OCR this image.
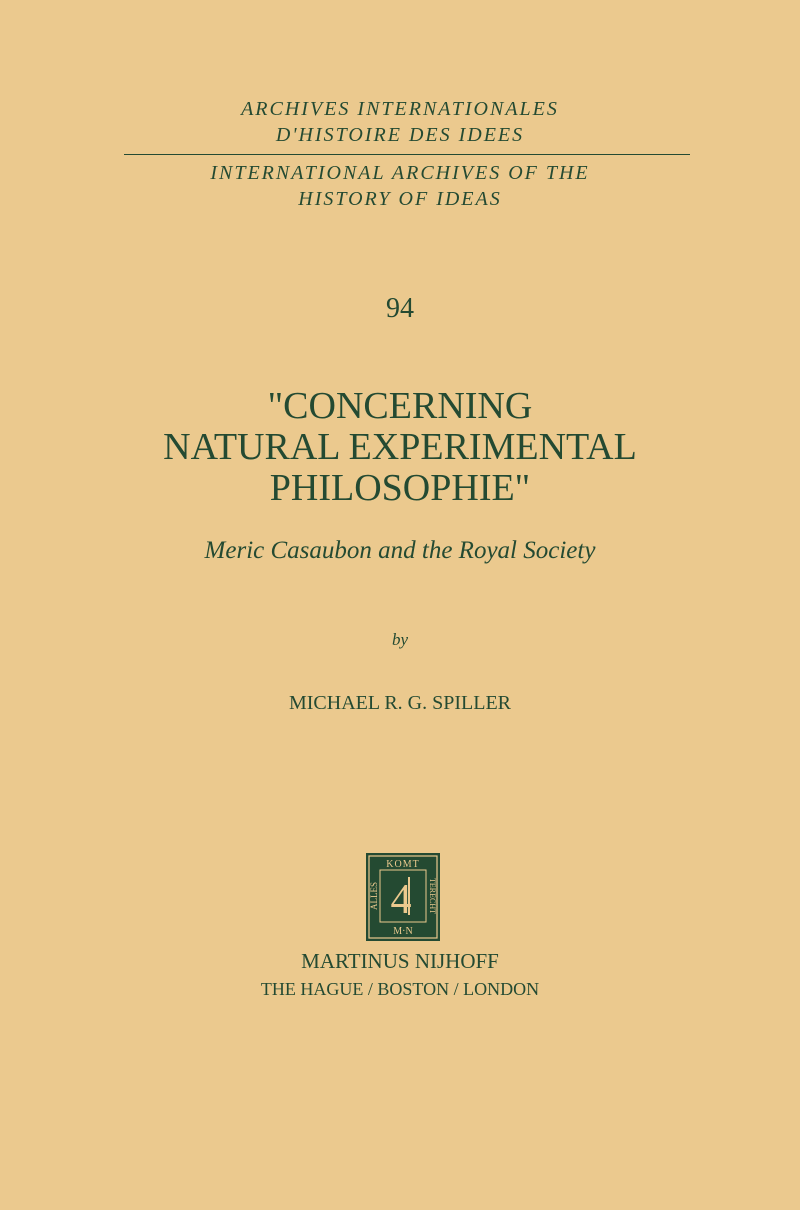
ARCHIVES INTERNATIONALES
D'HISTOIRE DES IDEES
INTERNATIONAL ARCHIVES OF THE
HISTORY OF IDEAS
94
"CONCERNING
NATURAL EXPERIMENTAL
PHILOSOPHIE"
Meric Casaubon and the Royal Society
by
MICHAEL R. G. SPILLER
KOMT
M·N
ALLES	TERECHT
4
MARTINUS NIJHOFF
THE HAGUE / BOSTON / LONDON
